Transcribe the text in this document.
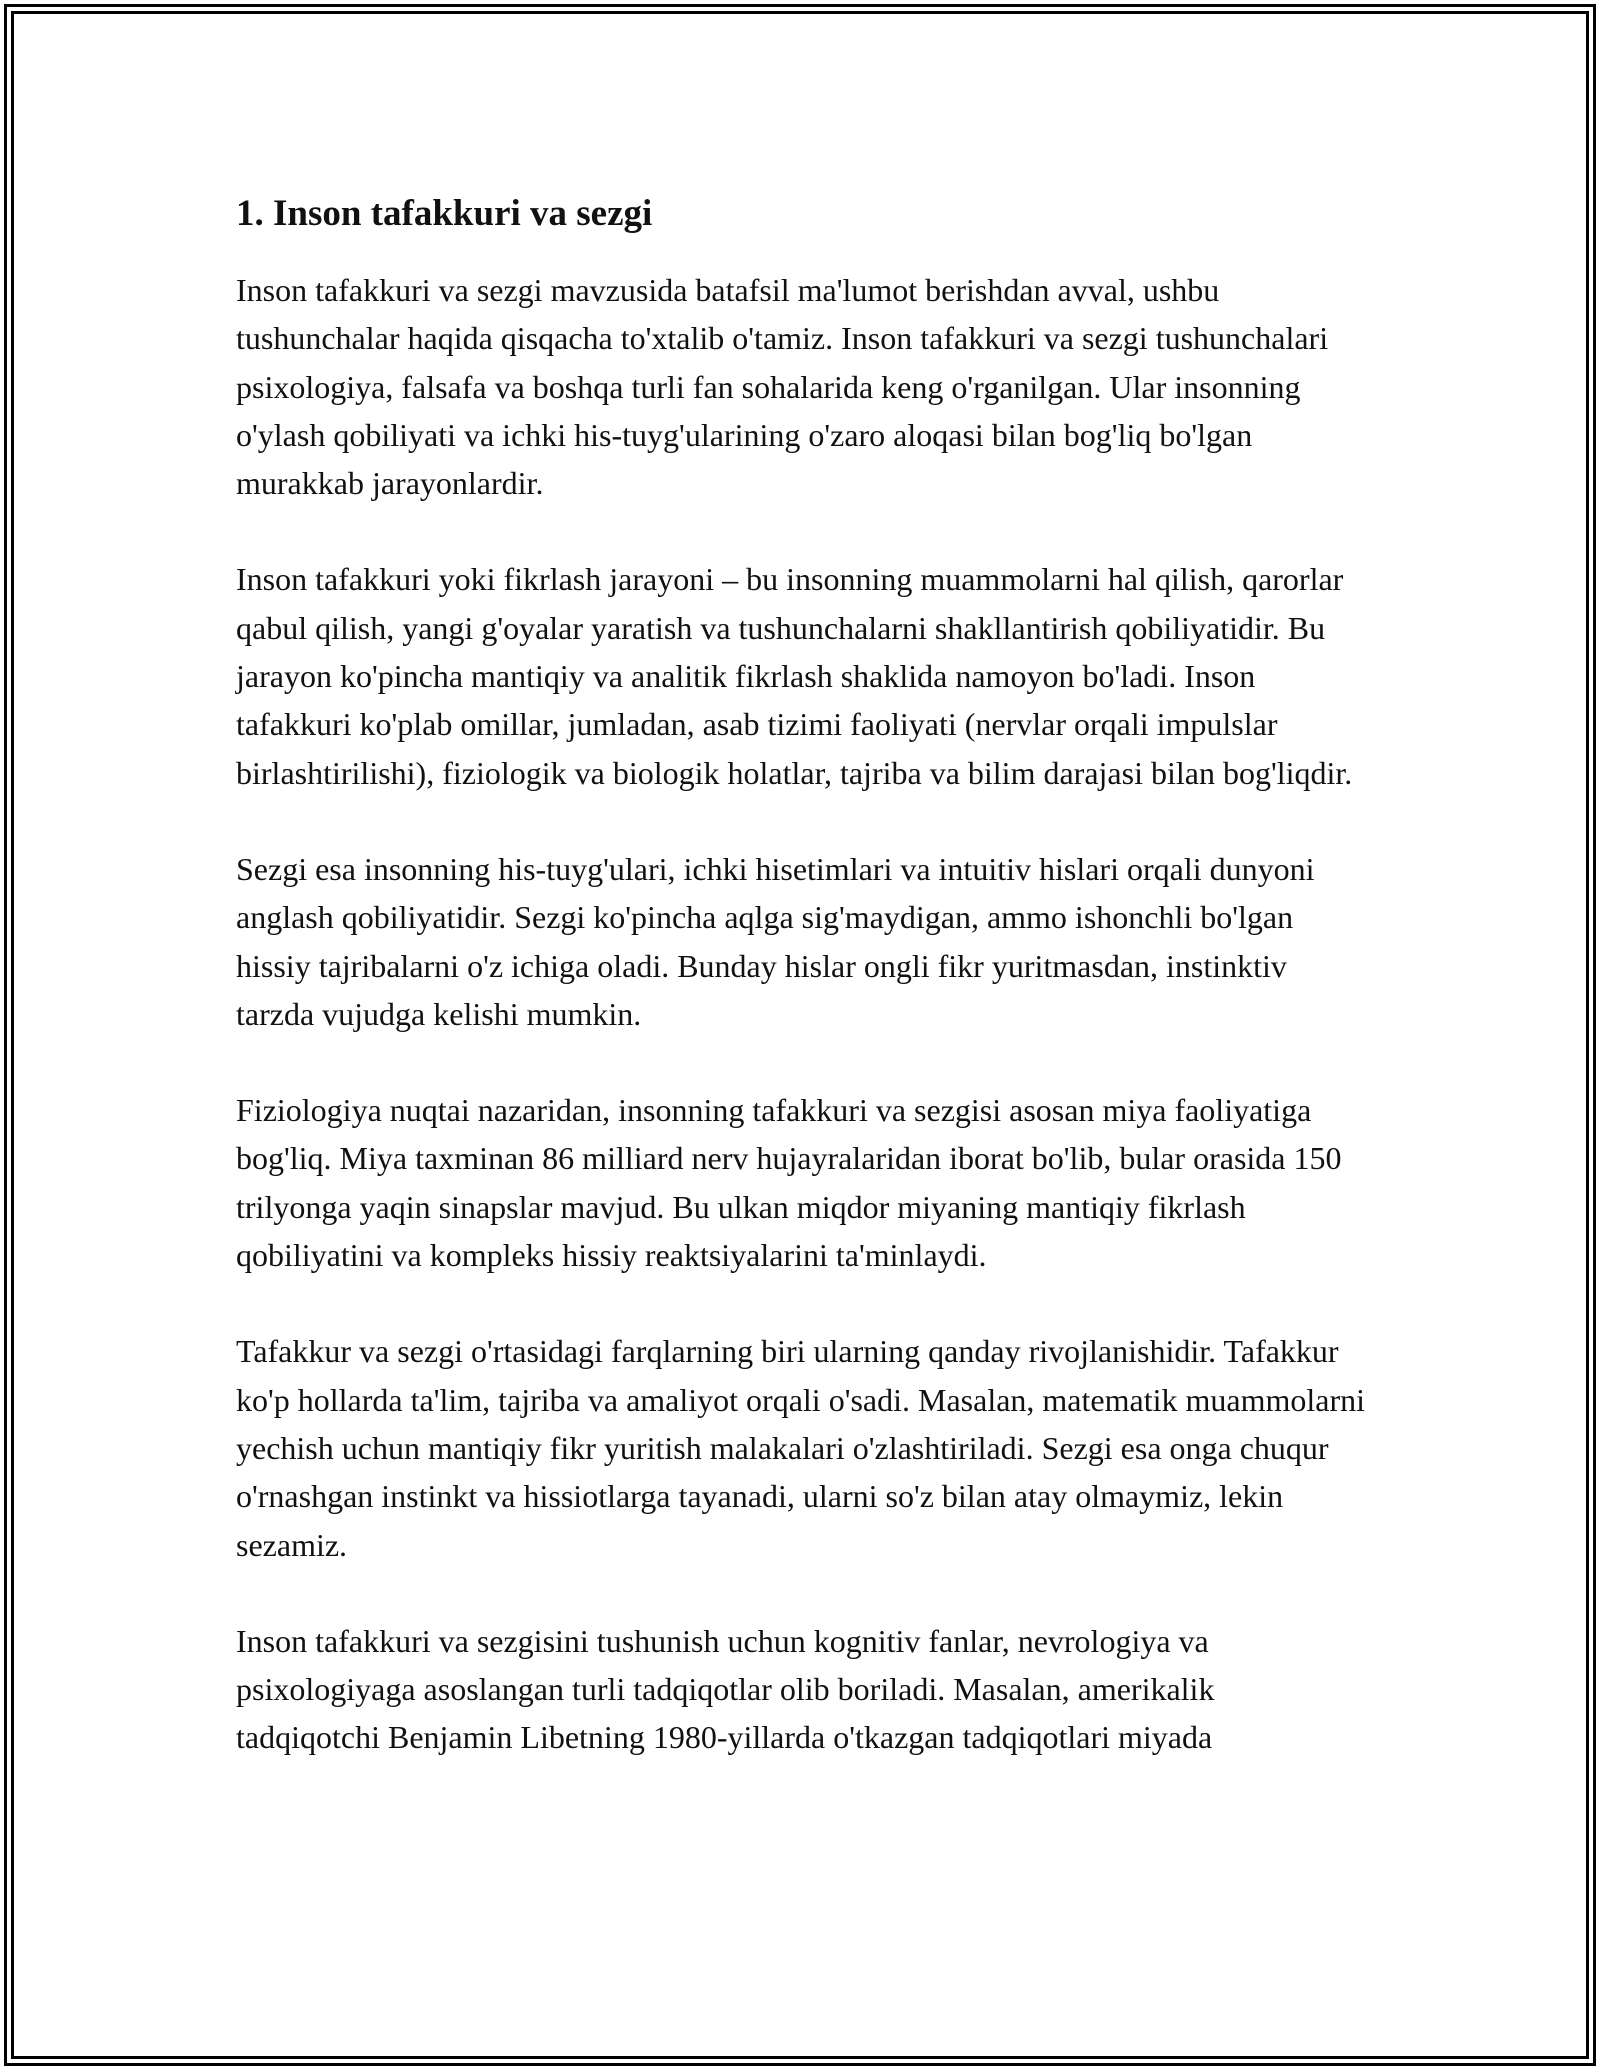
1. Inson tafakkuri va sezgi

Inson tafakkuri va sezgi mavzusida batafsil ma'lumot berishdan avval, ushbu tushunchalar haqida qisqacha to'xtalib o'tamiz. Inson tafakkuri va sezgi tushunchalari psixologiya, falsafa va boshqa turli fan sohalarida keng o'rganilgan. Ular insonning o'ylash qobiliyati va ichki his-tuyg'ularining o'zaro aloqasi bilan bog'liq bo'lgan murakkab jarayonlardir.

Inson tafakkuri yoki fikrlash jarayoni – bu insonning muammolarni hal qilish, qarorlar qabul qilish, yangi g'oyalar yaratish va tushunchalarni shakllantirish qobiliyatidir. Bu jarayon ko'pincha mantiqiy va analitik fikrlash shaklida namoyon bo'ladi. Inson tafakkuri ko'plab omillar, jumladan, asab tizimi faoliyati (nervlar orqali impulslar birlashtirilishi), fiziologik va biologik holatlar, tajriba va bilim darajasi bilan bog'liqdir.

Sezgi esa insonning his-tuyg'ulari, ichki hisetimlari va intuitiv hislari orqali dunyoni anglash qobiliyatidir. Sezgi ko'pincha aqlga sig'maydigan, ammo ishonchli bo'lgan hissiy tajribalarni o'z ichiga oladi. Bunday hislar ongli fikr yuritmasdan, instinktiv tarzda vujudga kelishi mumkin.

Fiziologiya nuqtai nazaridan, insonning tafakkuri va sezgisi asosan miya faoliyatiga bog'liq. Miya taxminan 86 milliard nerv hujayralaridan iborat bo'lib, bular orasida 150 trilyonga yaqin sinapslar mavjud. Bu ulkan miqdor miyaning mantiqiy fikrlash qobiliyatini va kompleks hissiy reaktsiyalarini ta'minlaydi.

Tafakkur va sezgi o'rtasidagi farqlarning biri ularning qanday rivojlanishidir. Tafakkur ko'p hollarda ta'lim, tajriba va amaliyot orqali o'sadi. Masalan, matematik muammolarni yechish uchun mantiqiy fikr yuritish malakalari o'zlashtiriladi. Sezgi esa onga chuqur o'rnashgan instinkt va hissiotlarga tayanadi, ularni so'z bilan atay olmaymiz, lekin sezamiz.

Inson tafakkuri va sezgisini tushunish uchun kognitiv fanlar, nevrologiya va psixologiyaga asoslangan turli tadqiqotlar olib boriladi. Masalan, amerikalik tadqiqotchi Benjamin Libetning 1980-yillarda o'tkazgan tadqiqotlari miyada
